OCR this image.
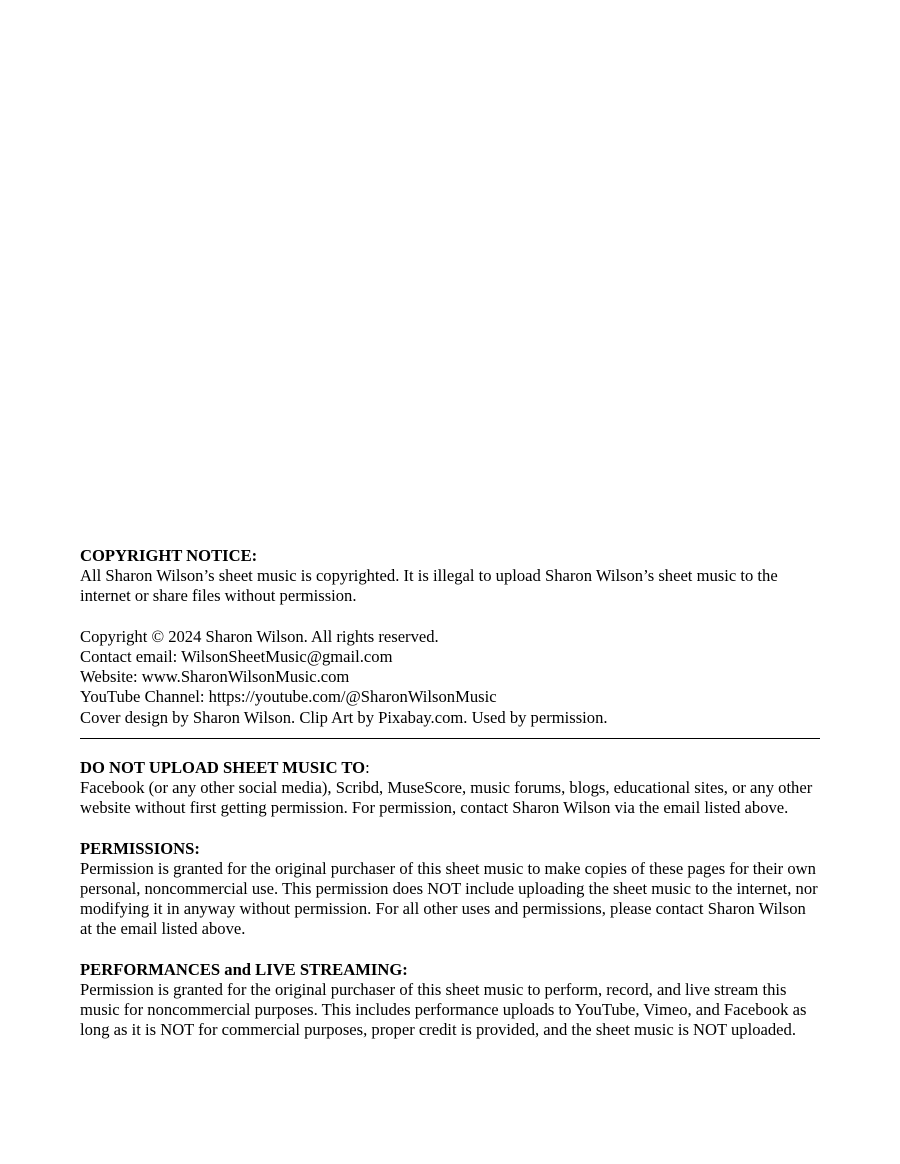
COPYRIGHT NOTICE:

All Sharon Wilson’s sheet music is copyrighted. It is illegal to upload Sharon Wilson’s sheet music to the internet or share files without permission.

Copyright © 2024 Sharon Wilson. All rights reserved.
Contact email: WilsonSheetMusic@gmail.com
Website: www.SharonWilsonMusic.com
YouTube Channel: https://youtube.com/@SharonWilsonMusic
Cover design by Sharon Wilson. Clip Art by Pixabay.com. Used by permission.
DO NOT UPLOAD SHEET MUSIC TO:

Facebook (or any other social media), Scribd, MuseScore, music forums, blogs, educational sites, or any other website without first getting permission. For permission, contact Sharon Wilson via the email listed above.

PERMISSIONS:

Permission is granted for the original purchaser of this sheet music to make copies of these pages for their own personal, noncommercial use. This permission does NOT include uploading the sheet music to the internet, nor modifying it in anyway without permission. For all other uses and permissions, please contact Sharon Wilson at the email listed above.

PERFORMANCES and LIVE STREAMING:

Permission is granted for the original purchaser of this sheet music to perform, record, and live stream this music for noncommercial purposes. This includes performance uploads to YouTube, Vimeo, and Facebook as long as it is NOT for commercial purposes, proper credit is provided, and the sheet music is NOT uploaded.
